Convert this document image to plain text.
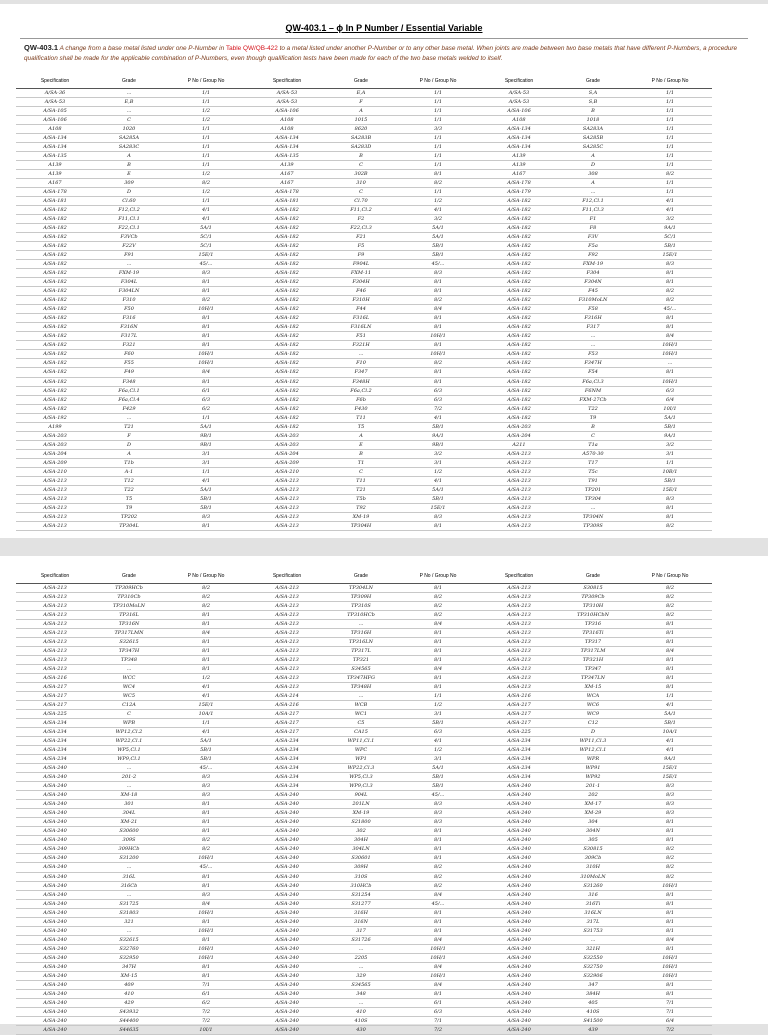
QW-403.1 – ϕ In P Number / Essential Variable

QW-403.1 A change from a base metal listed under one P-Number in Table QW/QB-422 to a metal listed under another P-Number or to any other base metal. When joints are made between two base metals that have different P-Numbers, a procedure qualification shall be made for the applicable combination of P-Numbers, even though qualification tests have been made for each of the two base metals welded to itself.

Specification	Grade	P No / Group No
A/SA-36	...	1/1
A/SA-53	E,B	1/1
A/SA-105	...	1/2
A/SA-106	C	1/2
A108	1020	1/1
A/SA-134	SA285A	1/1
A/SA-134	SA283C	1/1
A/SA-135	A	1/1
A139	B	1/1
A139	E	1/2
A167	309	8/2
A/SA-178	D	1/2
A/SA-181	Cl.60	1/1
A/SA-182	F12,Cl.2	4/1
A/SA-182	F11,Cl.1	4/1
A/SA-182	F22,Cl.1	5A/1
A/SA-182	F3VCb	5C/1
A/SA-182	F22V	5C/1
A/SA-182	F91	15E/1
A/SA-182	...	45/...
A/SA-182	FXM-19	8/3
A/SA-182	F304L	8/1
A/SA-182	F304LN	8/1
A/SA-182	F310	8/2
A/SA-182	F50	10H/1
A/SA-182	F316	8/1
A/SA-182	F316N	8/1
A/SA-182	F317L	8/1
A/SA-182	F321	8/1
A/SA-182	F60	10H/1
A/SA-182	F55	10H/1
A/SA-182	F49	8/4
A/SA-182	F348	8/1
A/SA-182	F6a,Cl.1	6/1
A/SA-182	F6a,Cl.4	6/3
A/SA-182	F429	6/2
A/SA-192	...	1/1
A199	T21	5A/1
A/SA-203	F	9B/1
A/SA-203	D	9B/1
A/SA-204	A	3/1
A/SA-209	T1b	3/1
A/SA-210	A-1	1/1
A/SA-213	T12	4/1
A/SA-213	T22	5A/1
A/SA-213	T5	5B/1
A/SA-213	T9	5B/1
A/SA-213	TP202	8/3
A/SA-213	TP304L	8/1
Specification	Grade	P No / Group No
A/SA-53	E,A	1/1
A/SA-53	F	1/1
A/SA-106	A	1/1
A108	1015	1/1
A108	8620	3/3
A/SA-134	SA283B	1/1
A/SA-134	SA283D	1/1
A/SA-135	B	1/1
A139	C	1/1
A167	302B	8/1
A167	310	8/2
A/SA-178	C	1/1
A/SA-181	Cl.70	1/2
A/SA-182	F11,Cl.2	4/1
A/SA-182	F2	3/2
A/SA-182	F22,Cl.3	5A/1
A/SA-182	F21	5A/1
A/SA-182	F5	5B/1
A/SA-182	F9	5B/1
A/SA-182	F904L	45/...
A/SA-182	FXM-11	8/3
A/SA-182	F304H	8/1
A/SA-182	F46	8/1
A/SA-182	F310H	8/2
A/SA-182	F44	8/4
A/SA-182	F316L	8/1
A/SA-182	F316LN	8/1
A/SA-182	F51	10H/1
A/SA-182	F321H	8/1
A/SA-182	...	10H/1
A/SA-182	F10	8/2
A/SA-182	F347	8/1
A/SA-182	F348H	8/1
A/SA-182	F6a,Cl.2	6/3
A/SA-182	F6b	6/3
A/SA-182	F430	7/2
A/SA-182	T11	4/1
A/SA-182	T5	5B/1
A/SA-203	A	9A/1
A/SA-203	E	9B/1
A/SA-204	B	3/2
A/SA-209	T1	3/1
A/SA-210	C	1/2
A/SA-213	T11	4/1
A/SA-213	T21	5A/1
A/SA-213	T5b	5B/1
A/SA-213	T92	15E/1
A/SA-213	XM-19	8/3
A/SA-213	TP304H	8/1
Specification	Grade	P No / Group No
A/SA-53	S,A	1/1
A/SA-53	S,B	1/1
A/SA-106	B	1/1
A108	1018	1/1
A/SA-134	SA283A	1/1
A/SA-134	SA285B	1/1
A/SA-134	SA285C	1/1
A139	A	1/1
A139	D	1/1
A167	308	8/2
A/SA-178	A	1/1
A/SA-179	...	1/1
A/SA-182	F12,Cl.1	4/1
A/SA-182	F11,Cl.3	4/1
A/SA-182	F1	3/2
A/SA-182	F8	9A/1
A/SA-182	F3V	5C/1
A/SA-182	F5a	5B/1
A/SA-182	F92	15E/1
A/SA-182	FXM-19	8/3
A/SA-182	F304	8/1
A/SA-182	F304N	8/1
A/SA-182	F45	8/2
A/SA-182	F310MoLN	8/2
A/SA-182	F58	45/...
A/SA-182	F316H	8/1
A/SA-182	F317	8/1
A/SA-182	...	8/4
A/SA-182	...	10H/1
A/SA-182	F53	10H/1
A/SA-182	F347H	...
A/SA-182	F54	8/1
A/SA-182	F6a,Cl.3	10H/1
A/SA-182	F6NM	6/3
A/SA-182	FXM-27Cb	6/4
A/SA-182	T22	10I/1
A/SA-182	T9	5A/1
A/SA-203	B	5B/1
A/SA-204	C	9A/1
A211	T1a	3/2
A/SA-213	A570-30	3/1
A/SA-213	T17	1/1
A/SA-213	T5c	10B/1
A/SA-213	T91	5B/1
A/SA-213	TP201	15E/1
A/SA-213	TP304	8/3
A/SA-213	...	8/1
A/SA-213	TP304N	8/1
A/SA-213	TP309S	8/2
Specification	Grade	P No / Group No
A/SA-213	TP309HCb	8/2
A/SA-213	TP310Cb	8/2
A/SA-213	TP310MoLN	8/2
A/SA-213	TP316L	8/1
A/SA-213	TP316N	8/1
A/SA-213	TP317LMN	8/4
A/SA-213	S32615	8/1
A/SA-213	TP347H	8/1
A/SA-213	TP348	8/1
A/SA-213	...	8/1
A/SA-216	WCC	1/2
A/SA-217	WC4	4/1
A/SA-217	WC5	4/1
A/SA-217	C12A	15E/1
A/SA-225	C	10A/1
A/SA-234	WPB	1/1
A/SA-234	WP12,Cl.2	4/1
A/SA-234	WP22,Cl.1	5A/1
A/SA-234	WP5,Cl.1	5B/1
A/SA-234	WP9,Cl.1	5B/1
A/SA-240	...	45/...
A/SA-240	201-2	8/3
A/SA-240	...	8/3
A/SA-240	XM-18	8/3
A/SA-240	301	8/1
A/SA-240	304L	8/1
A/SA-240	XM-21	8/1
A/SA-240	S30600	8/1
A/SA-240	309S	8/2
A/SA-240	309HCb	8/2
A/SA-240	S31200	10H/1
A/SA-240	...	45/...
A/SA-240	316L	8/1
A/SA-240	316Cb	8/1
A/SA-240	...	8/3
A/SA-240	S31725	8/4
A/SA-240	S31803	10H/1
A/SA-240	321	8/1
A/SA-240	...	10H/1
A/SA-240	S32615	8/1
A/SA-240	S32760	10H/1
A/SA-240	S32950	10H/1
A/SA-240	347H	8/1
A/SA-240	XM-15	8/1
A/SA-240	409	7/1
A/SA-240	410	6/1
A/SA-240	429	6/2
A/SA-240	S43932	7/2
A/SA-240	S44400	7/2
A/SA-240	S44635	10I/1
Specification	Grade	P No / Group No
A/SA-213	TP304LN	8/1
A/SA-213	TP309H	8/2
A/SA-213	TP310S	8/2
A/SA-213	TP310HCb	8/2
A/SA-213	...	8/4
A/SA-213	TP316H	8/1
A/SA-213	TP316LN	8/1
A/SA-213	TP317L	8/1
A/SA-213	TP321	8/1
A/SA-213	S34565	8/4
A/SA-213	TP347HFG	8/1
A/SA-213	TP348H	8/1
A/SA-214	...	1/1
A/SA-216	WCB	1/2
A/SA-217	WC1	3/1
A/SA-217	C5	5B/1
A/SA-217	CA15	6/3
A/SA-234	WP11,Cl.1	4/1
A/SA-234	WPC	1/2
A/SA-234	WP1	3/1
A/SA-234	WP22,Cl.3	5A/1
A/SA-234	WP5,Cl.3	5B/1
A/SA-234	WP9,Cl.3	5B/1
A/SA-240	904L	45/...
A/SA-240	201LN	8/3
A/SA-240	XM-19	8/3
A/SA-240	S21800	8/3
A/SA-240	302	8/1
A/SA-240	304H	8/1
A/SA-240	304LN	8/1
A/SA-240	S30601	8/1
A/SA-240	309H	8/2
A/SA-240	310S	8/2
A/SA-240	310HCb	8/2
A/SA-240	S31254	8/4
A/SA-240	S31277	45/...
A/SA-240	316H	8/1
A/SA-240	316N	8/1
A/SA-240	317	8/1
A/SA-240	S31726	8/4
A/SA-240	...	10H/1
A/SA-240	2205	10H/1
A/SA-240	...	8/4
A/SA-240	329	10H/1
A/SA-240	S34565	8/4
A/SA-240	348	8/1
A/SA-240	...	6/1
A/SA-240	410	6/3
A/SA-240	410S	7/1
A/SA-240	430	7/2
Specification	Grade	P No / Group No
A/SA-213	S30815	8/2
A/SA-213	TP309Cb	8/2
A/SA-213	TP310H	8/2
A/SA-213	TP310HCbN	8/2
A/SA-213	TP316	8/1
A/SA-213	TP316Ti	8/1
A/SA-213	TP317	8/1
A/SA-213	TP317LM	8/4
A/SA-213	TP321H	8/1
A/SA-213	TP347	8/1
A/SA-213	TP347LN	8/1
A/SA-213	XM-15	8/1
A/SA-216	WCA	1/1
A/SA-217	WC6	4/1
A/SA-217	WC9	5A/1
A/SA-217	C12	5B/1
A/SA-225	D	10A/1
A/SA-234	WP11,Cl.3	4/1
A/SA-234	WP12,Cl.1	4/1
A/SA-234	WPR	9A/1
A/SA-234	WP91	15E/1
A/SA-234	WP92	15E/1
A/SA-240	201-1	8/3
A/SA-240	202	8/3
A/SA-240	XM-17	8/3
A/SA-240	XM-29	8/3
A/SA-240	304	8/1
A/SA-240	304N	8/1
A/SA-240	305	8/1
A/SA-240	S30815	8/2
A/SA-240	309Cb	8/2
A/SA-240	310H	8/2
A/SA-240	310MoLN	8/2
A/SA-240	S31260	10H/1
A/SA-240	316	8/1
A/SA-240	316Ti	8/1
A/SA-240	316LN	8/1
A/SA-240	317L	8/1
A/SA-240	S31753	8/1
A/SA-240	...	8/4
A/SA-240	321H	8/1
A/SA-240	S32550	10H/1
A/SA-240	S32750	10H/1
A/SA-240	S32906	10H/1
A/SA-240	347	8/1
A/SA-240	384H	8/1
A/SA-240	405	7/1
A/SA-240	410S	7/1
A/SA-240	S41500	6/4
A/SA-240	439	7/2
